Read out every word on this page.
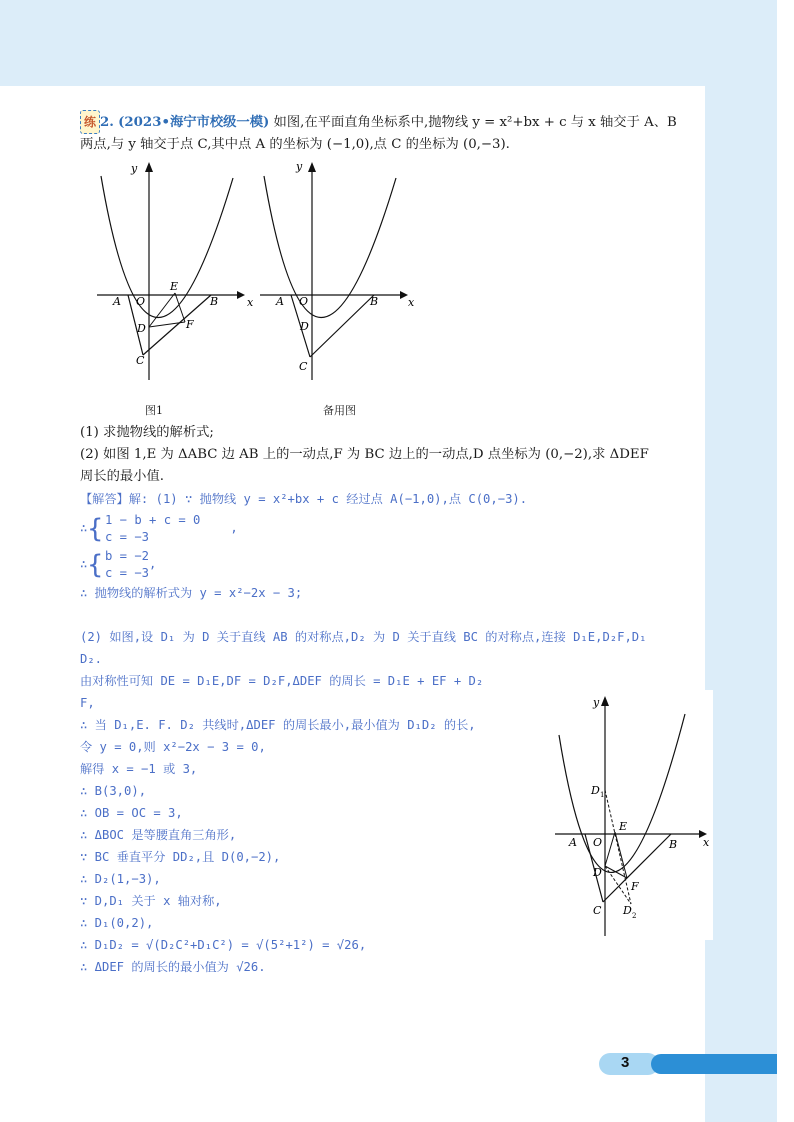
练 2. (2023•海宁市校级一模) 如图,在平面直角坐标系中,抛物线 y = x²+bx + c 与 x 轴交于 A、B

两点,与 y 轴交于点 C,其中点 A 的坐标为 (−1,0),点 C 的坐标为 (0,−3).

y
A O
E
B	x
D	F
C
图1
y
A O	B	x
D
C
备用图

(1) 求抛物线的解析式;

(2) 如图 1,E 为 ΔABC 边 AB 上的一动点,F 为 BC 边上的一动点,D 点坐标为 (0,−2),求 ΔDEF

周长的最小值.

【解答】解: (1) ∵ 抛物线 y = x²+bx + c 经过点 A(−1,0),点 C(0,−3).

∴{ 1 − b + c = 0
c = −3,

∴{ b = −2
c = −3,

∴ 抛物线的解析式为 y = x²−2x − 3;

(2) 如图,设 D₁ 为 D 关于直线 AB 的对称点,D₂ 为 D 关于直线 BC 的对称点,连接 D₁E,D₂F,D₁

D₂.

由对称性可知 DE = D₁E,DF = D₂F,ΔDEF 的周长 = D₁E + EF + D₂

F,

∴ 当 D₁,E. F. D₂ 共线时,ΔDEF 的周长最小,最小值为 D₁D₂ 的长,

令 y = 0,则 x²−2x − 3 = 0,

解得 x = −1 或 3,

∴ B(3,0),

∴ OB = OC = 3,

∴ ΔBOC 是等腰直角三角形,

∵ BC 垂直平分 DD₂,且 D(0,−2),

∴ D₂(1,−3),

∵ D,D₁ 关于 x 轴对称,

∴ D₁(0,2),

∴ D₁D₂ = √(D₂C²+D₁C²) = √(5²+1²) = √26,

∴ ΔDEF 的周长的最小值为 √26.

y
D 1
E
A O	B x
D
F
C D 2
3
